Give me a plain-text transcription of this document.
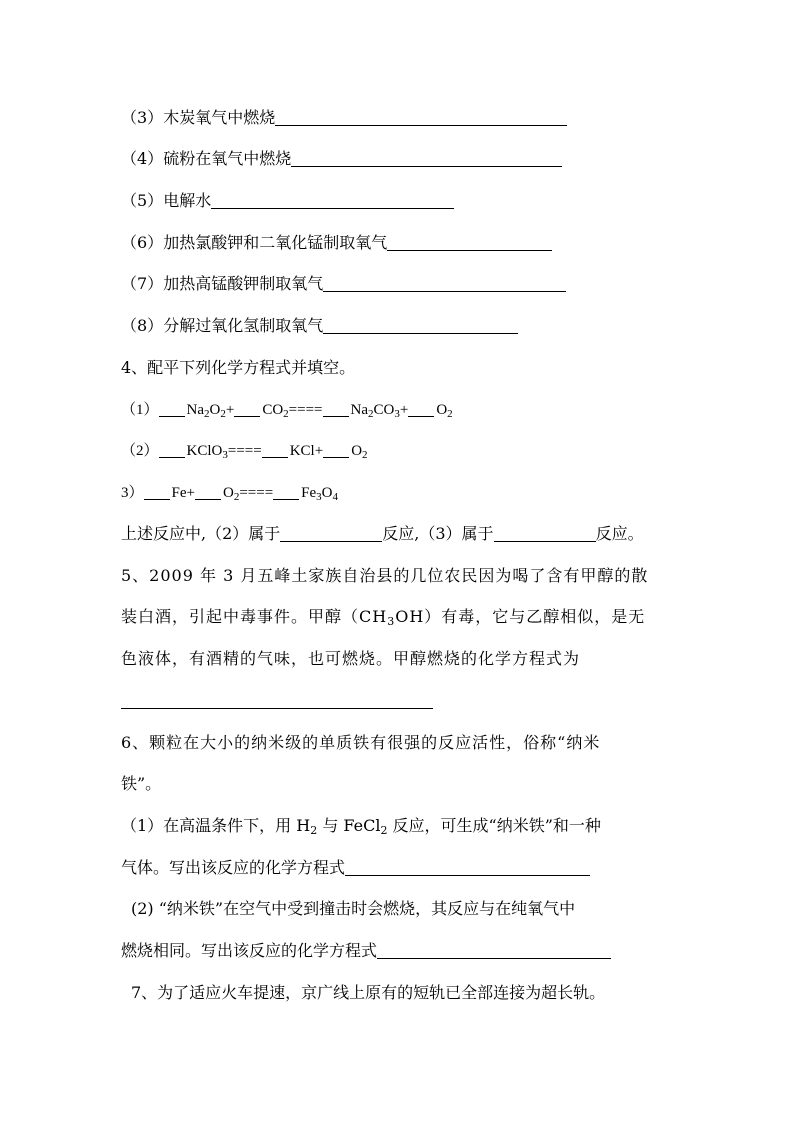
（3）木炭氧气中燃烧
（4）硫粉在氧气中燃烧
（5）电解水
（6）加热氯酸钾和二氧化锰制取氧气
（7）加热高锰酸钾制取氧气
（8）分解过氧化氢制取氧气
4、配平下列化学方程式并填空。
（1） $Na_2O_2+ CO_2==== Na_2CO_3+ O_2$
（2） KClO$_3$==== $KCl+ O_2$
3） $Fe+ O_2==== Fe_3O_4$
上述反应中,（2）属于	反应,（3）属于	反应。
5、2009 年 3 月五峰土家族自治县的几位农民因为喝了含有甲醇的散
装白酒，引起中毒事件。甲醇$(CH_3OH)$有毒，它与乙醇相似，是无
色液体，有酒精的气味，也可燃烧。甲醇燃烧的化学方程式为
6、颗粒在大小的纳米级的单质铁有很强的反应活性，俗称“纳米
铁”。
（1）在高温条件下，用 $H_2$ 与 FeCl$_2$ 反应，可生成“纳米铁”和一种
气体。写出该反应的化学方程式
(2) “纳米铁”在空气中受到撞击时会燃烧，其反应与在纯氧气中
燃烧相同。写出该反应的化学方程式
7、为了适应火车提速，京广线上原有的短轨已全部连接为超长轨。
